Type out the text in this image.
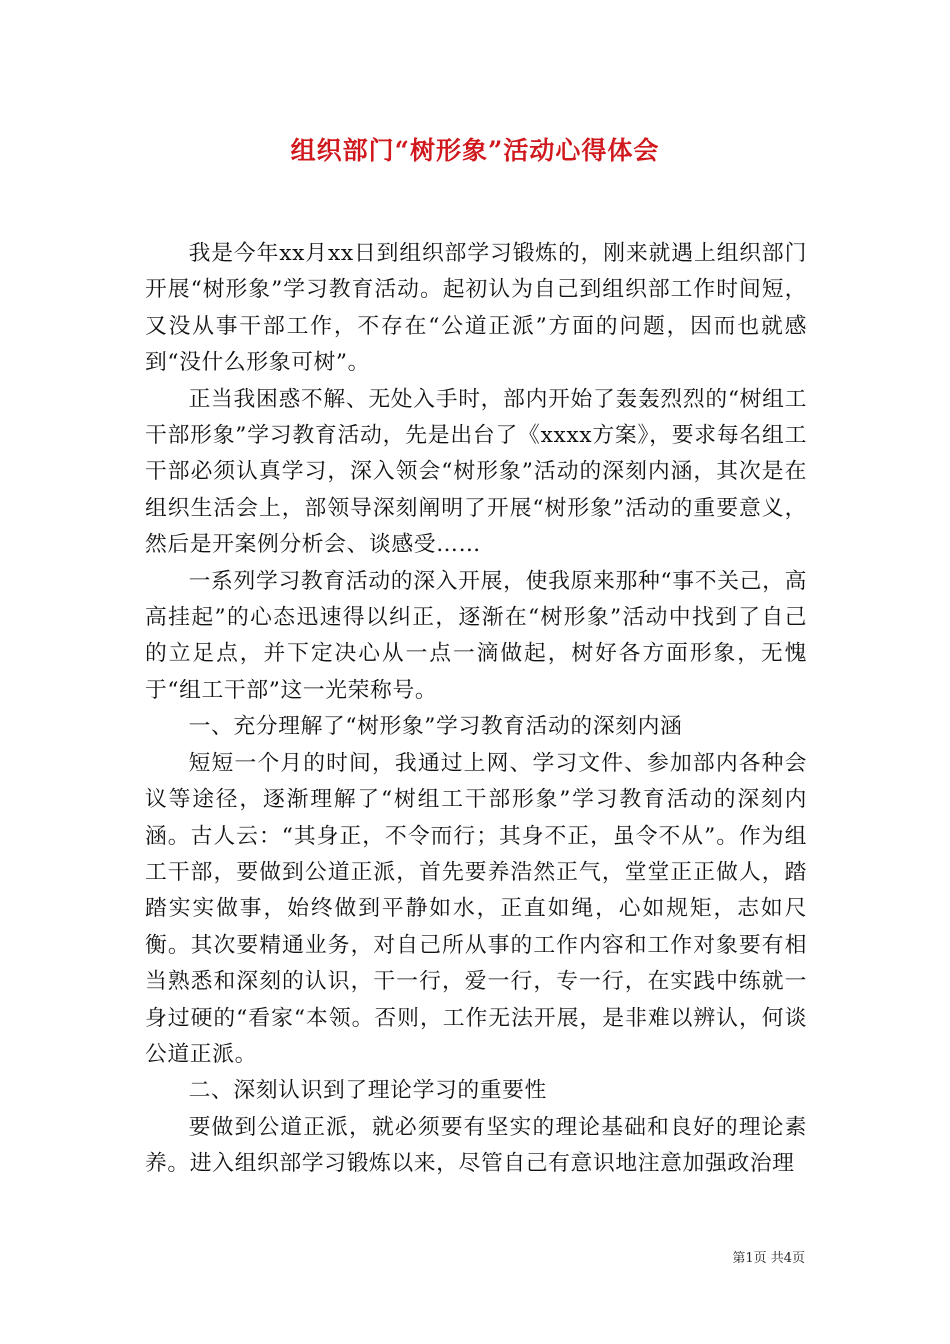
组织部门“树形象”活动心得体会

我是今年xx月xx日到组织部学习锻炼的，刚来就遇上组织部门开展“树形象”学习教育活动。起初认为自己到组织部工作时间短，又没从事干部工作，不存在“公道正派”方面的问题，因而也就感到“没什么形象可树”。

正当我困惑不解、无处入手时，部内开始了轰轰烈烈的“树组工干部形象”学习教育活动，先是出台了《xxxx方案》，要求每名组工干部必须认真学习，深入领会“树形象”活动的深刻内涵，其次是在组织生活会上，部领导深刻阐明了开展“树形象”活动的重要意义，然后是开案例分析会、谈感受……

一系列学习教育活动的深入开展，使我原来那种“事不关己，高高挂起”的心态迅速得以纠正，逐渐在“树形象”活动中找到了自己的立足点，并下定决心从一点一滴做起，树好各方面形象，无愧于“组工干部”这一光荣称号。

一、充分理解了“树形象”学习教育活动的深刻内涵

短短一个月的时间，我通过上网、学习文件、参加部内各种会议等途径，逐渐理解了“树组工干部形象”学习教育活动的深刻内涵。古人云：“其身正，不令而行；其身不正，虽令不从”。作为组工干部，要做到公道正派，首先要养浩然正气，堂堂正正做人，踏踏实实做事，始终做到平静如水，正直如绳，心如规矩，志如尺衡。其次要精通业务，对自己所从事的工作内容和工作对象要有相当熟悉和深刻的认识，干一行，爱一行，专一行，在实践中练就一身过硬的“看家“本领。否则，工作无法开展，是非难以辨认，何谈公道正派。

二、深刻认识到了理论学习的重要性

要做到公道正派，就必须要有坚实的理论基础和良好的理论素养。进入组织部学习锻炼以来，尽管自己有意识地注意加强政治理

第1页 共4页
